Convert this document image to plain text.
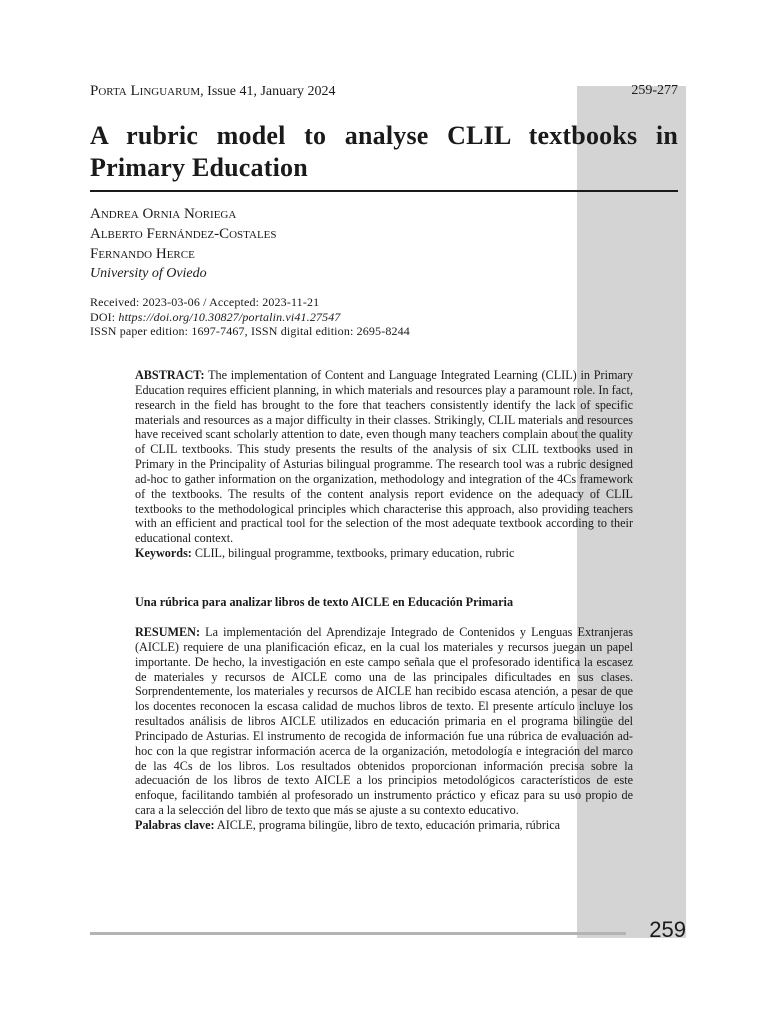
Porta Linguarum, Issue 41, January 2024	259-277
A rubric model to analyse CLIL textbooks in Primary Education
Andrea Ornia Noriega
Alberto Fernández-Costales
Fernando Herce
University of Oviedo
Received: 2023-03-06 / Accepted: 2023-11-21
DOI: https://doi.org/10.30827/portalin.vi41.27547
ISSN paper edition: 1697-7467, ISSN digital edition: 2695-8244

ABSTRACT: The implementation of Content and Language Integrated Learning (CLIL) in Primary Education requires efficient planning, in which materials and resources play a paramount role. In fact, research in the field has brought to the fore that teachers consistently identify the lack of specific materials and resources as a major difficulty in their classes. Strikingly, CLIL materials and resources have received scant scholarly attention to date, even though many teachers complain about the quality of CLIL textbooks. This study presents the results of the analysis of six CLIL textbooks used in Primary in the Principality of Asturias bilingual programme. The research tool was a rubric designed ad-hoc to gather information on the organization, methodology and integration of the 4Cs framework of the textbooks. The results of the content analysis report evidence on the adequacy of CLIL textbooks to the methodological principles which characterise this approach, also providing teachers with an efficient and practical tool for the selection of the most adequate textbook according to their educational context.

Keywords: CLIL, bilingual programme, textbooks, primary education, rubric

Una rúbrica para analizar libros de texto AICLE en Educación Primaria

RESUMEN: La implementación del Aprendizaje Integrado de Contenidos y Lenguas Extranjeras (AICLE) requiere de una planificación eficaz, en la cual los materiales y recursos juegan un papel importante. De hecho, la investigación en este campo señala que el profesorado identifica la escasez de materiales y recursos de AICLE como una de las principales dificultades en sus clases. Sorprendentemente, los materiales y recursos de AICLE han recibido escasa atención, a pesar de que los docentes reconocen la escasa calidad de muchos libros de texto. El presente artículo incluye los resultados análisis de libros AICLE utilizados en educación primaria en el programa bilingüe del Principado de Asturias. El instrumento de recogida de información fue una rúbrica de evaluación ad-hoc con la que registrar información acerca de la organización, metodología e integración del marco de las 4Cs de los libros. Los resultados obtenidos proporcionan información precisa sobre la adecuación de los libros de texto AICLE a los principios metodológicos característicos de este enfoque, facilitando también al profesorado un instrumento práctico y eficaz para su uso propio de cara a la selección del libro de texto que más se ajuste a su contexto educativo.

Palabras clave: AICLE, programa bilingüe, libro de texto, educación primaria, rúbrica

259
